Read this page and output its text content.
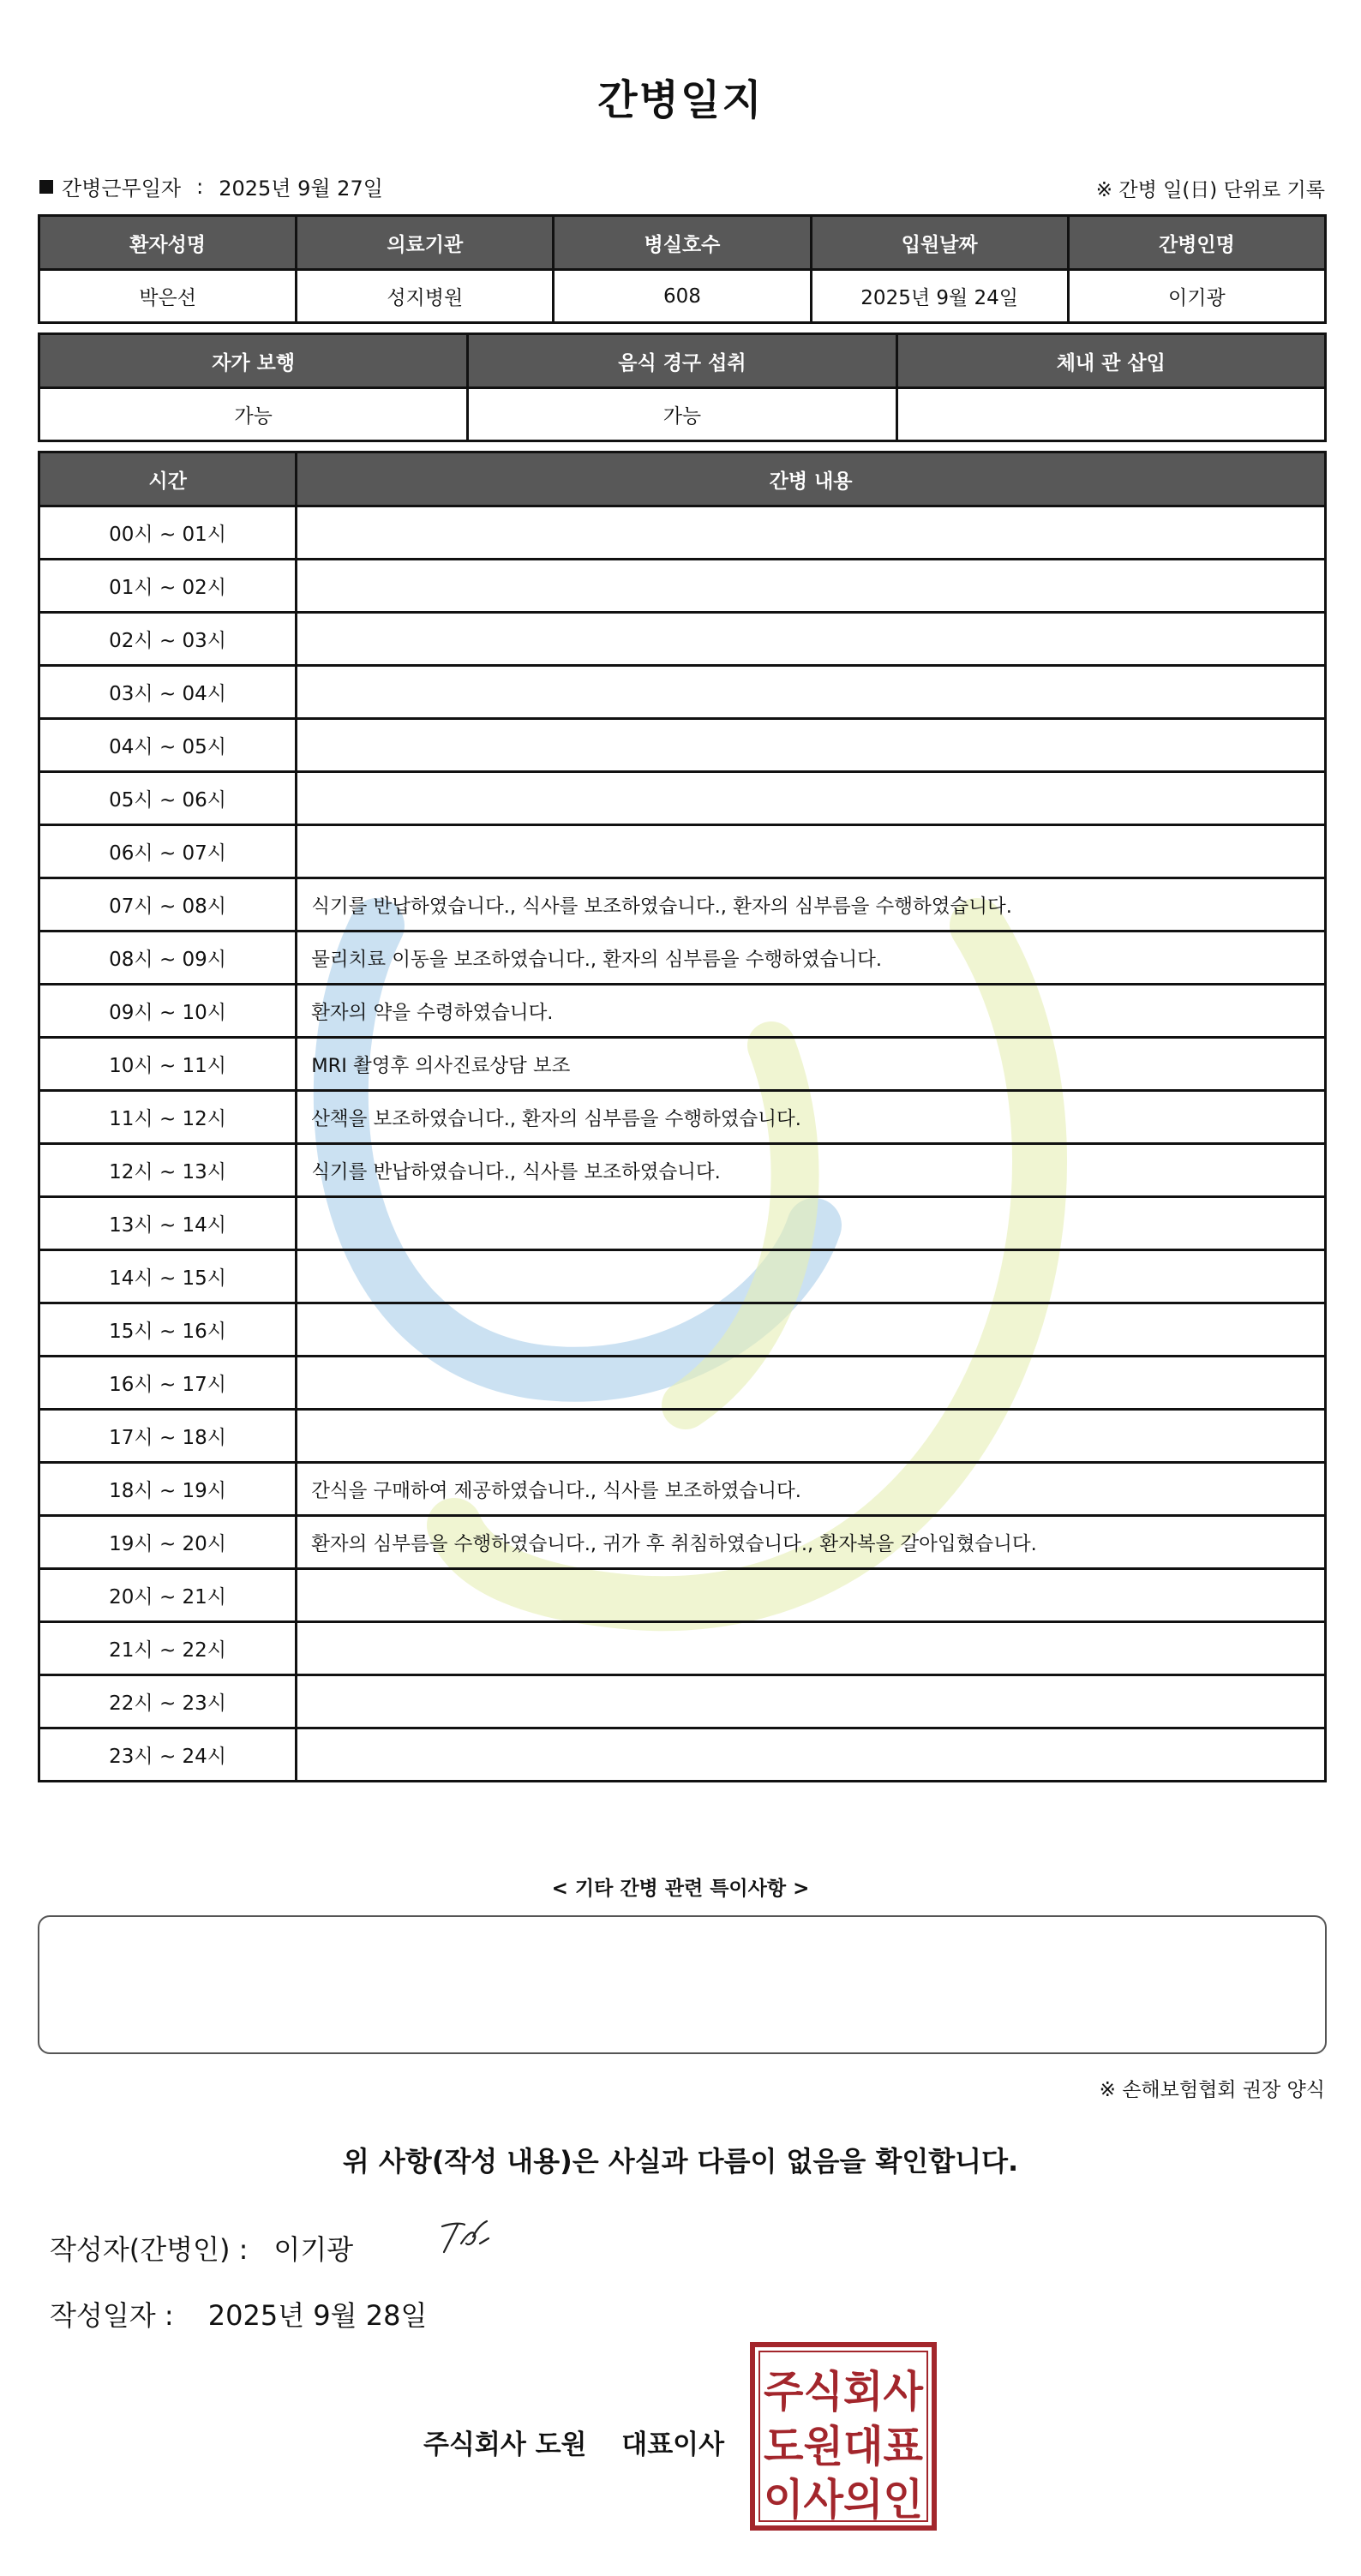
간병일지
간병근무일자 : 2025년 9월 27일	※ 간병 일(日) 단위로 기록
환자성명	의료기관	병실호수	입원날짜	간병인명
박은선	성지병원	608	2025년 9월 24일	이기광
자가 보행	음식 경구 섭취	체내 관 삽입
가능	가능	
시간	간병 내용
00시 ~ 01시	
01시 ~ 02시	
02시 ~ 03시	
03시 ~ 04시	
04시 ~ 05시	
05시 ~ 06시	
06시 ~ 07시	
07시 ~ 08시	식기를 반납하였습니다., 식사를 보조하였습니다., 환자의 심부름을 수행하였습니다.
08시 ~ 09시	물리치료 이동을 보조하였습니다., 환자의 심부름을 수행하였습니다.
09시 ~ 10시	환자의 약을 수령하였습니다.
10시 ~ 11시	MRI 촬영후 의사진료상담 보조
11시 ~ 12시	산책을 보조하였습니다., 환자의 심부름을 수행하였습니다.
12시 ~ 13시	식기를 반납하였습니다., 식사를 보조하였습니다.
13시 ~ 14시	
14시 ~ 15시	
15시 ~ 16시	
16시 ~ 17시	
17시 ~ 18시	
18시 ~ 19시	간식을 구매하여 제공하였습니다., 식사를 보조하였습니다.
19시 ~ 20시	환자의 심부름을 수행하였습니다., 귀가 후 취침하였습니다., 환자복을 갈아입혔습니다.
20시 ~ 21시	
21시 ~ 22시	
22시 ~ 23시	
23시 ~ 24시	
< 기타 간병 관련 특이사항 >
※ 손해보험협회 권장 양식
위 사항(작성 내용)은 사실과 다름이 없음을 확인합니다.
작성자(간병인) : 이기광
작성일자 : 2025년 9월 28일
주식회사 도원 대표이사
주식회사
도원대표
이사의인
